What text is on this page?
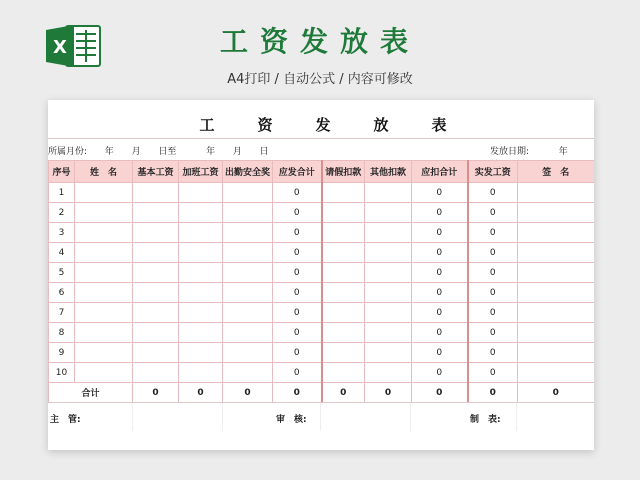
X	工资发放表
A4打印 / 自动公式 / 内容可修改
工	资	发	放	表
所属月份: 年 月 日至	年 月 日	发放日期:	年
序号	姓　名	基本工资	加班工资	出勤安全奖	应发合计	请假扣款	其他扣款	应扣合计	实发工资	签　名
1					0			0	0	
2					0			0	0	
3					0			0	0	
4					0			0	0	
5					0			0	0	
6					0			0	0	
7					0			0	0	
8					0			0	0	
9					0			0	0	
10					0			0	0	
合计		0	0	0	0	0	0	0	0	0
主　管:	审　核:	制　表:
